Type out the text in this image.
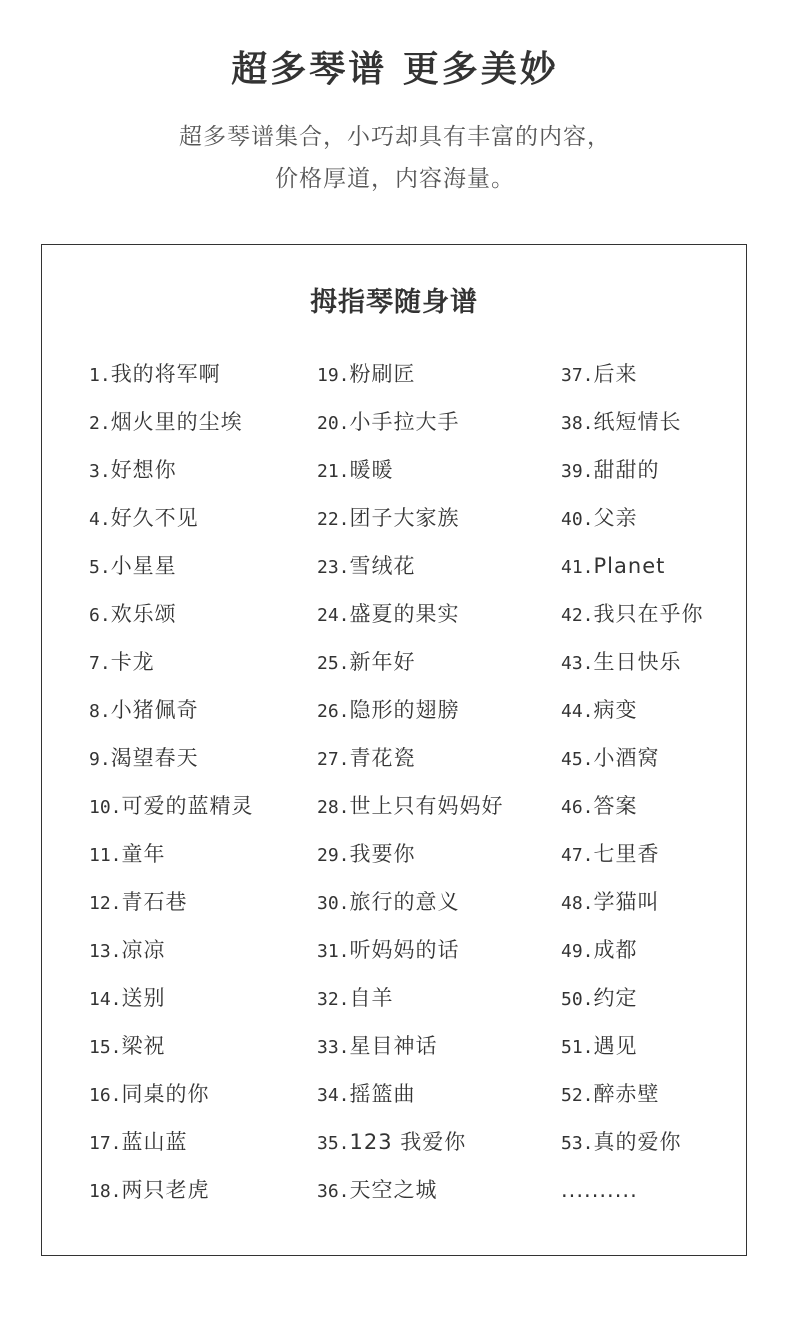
超多琴谱 更多美妙
超多琴谱集合，小巧却具有丰富的内容，
价格厚道，内容海量。
拇指琴随身谱
1.我的将军啊
2.烟火里的尘埃
3.好想你
4.好久不见
5.小星星
6.欢乐颂
7.卡龙
8.小猪佩奇
9.渴望春天
10.可爱的蓝精灵
11.童年
12.青石巷
13.凉凉
14.送别
15.梁祝
16.同桌的你
17.蓝山蓝
18.两只老虎
19.粉刷匠
20.小手拉大手
21.暖暖
22.团子大家族
23.雪绒花
24.盛夏的果实
25.新年好
26.隐形的翅膀
27.青花瓷
28.世上只有妈妈好
29.我要你
30.旅行的意义
31.听妈妈的话
32.自羊
33.星目神话
34.摇篮曲
35.123 我爱你
36.天空之城
37.后来
38.纸短情长
39.甜甜的
40.父亲
41.Planet
42.我只在乎你
43.生日快乐
44.病变
45.小酒窝
46.答案
47.七里香
48.学猫叫
49.成都
50.约定
51.遇见
52.醉赤壁
53.真的爱你
..........
